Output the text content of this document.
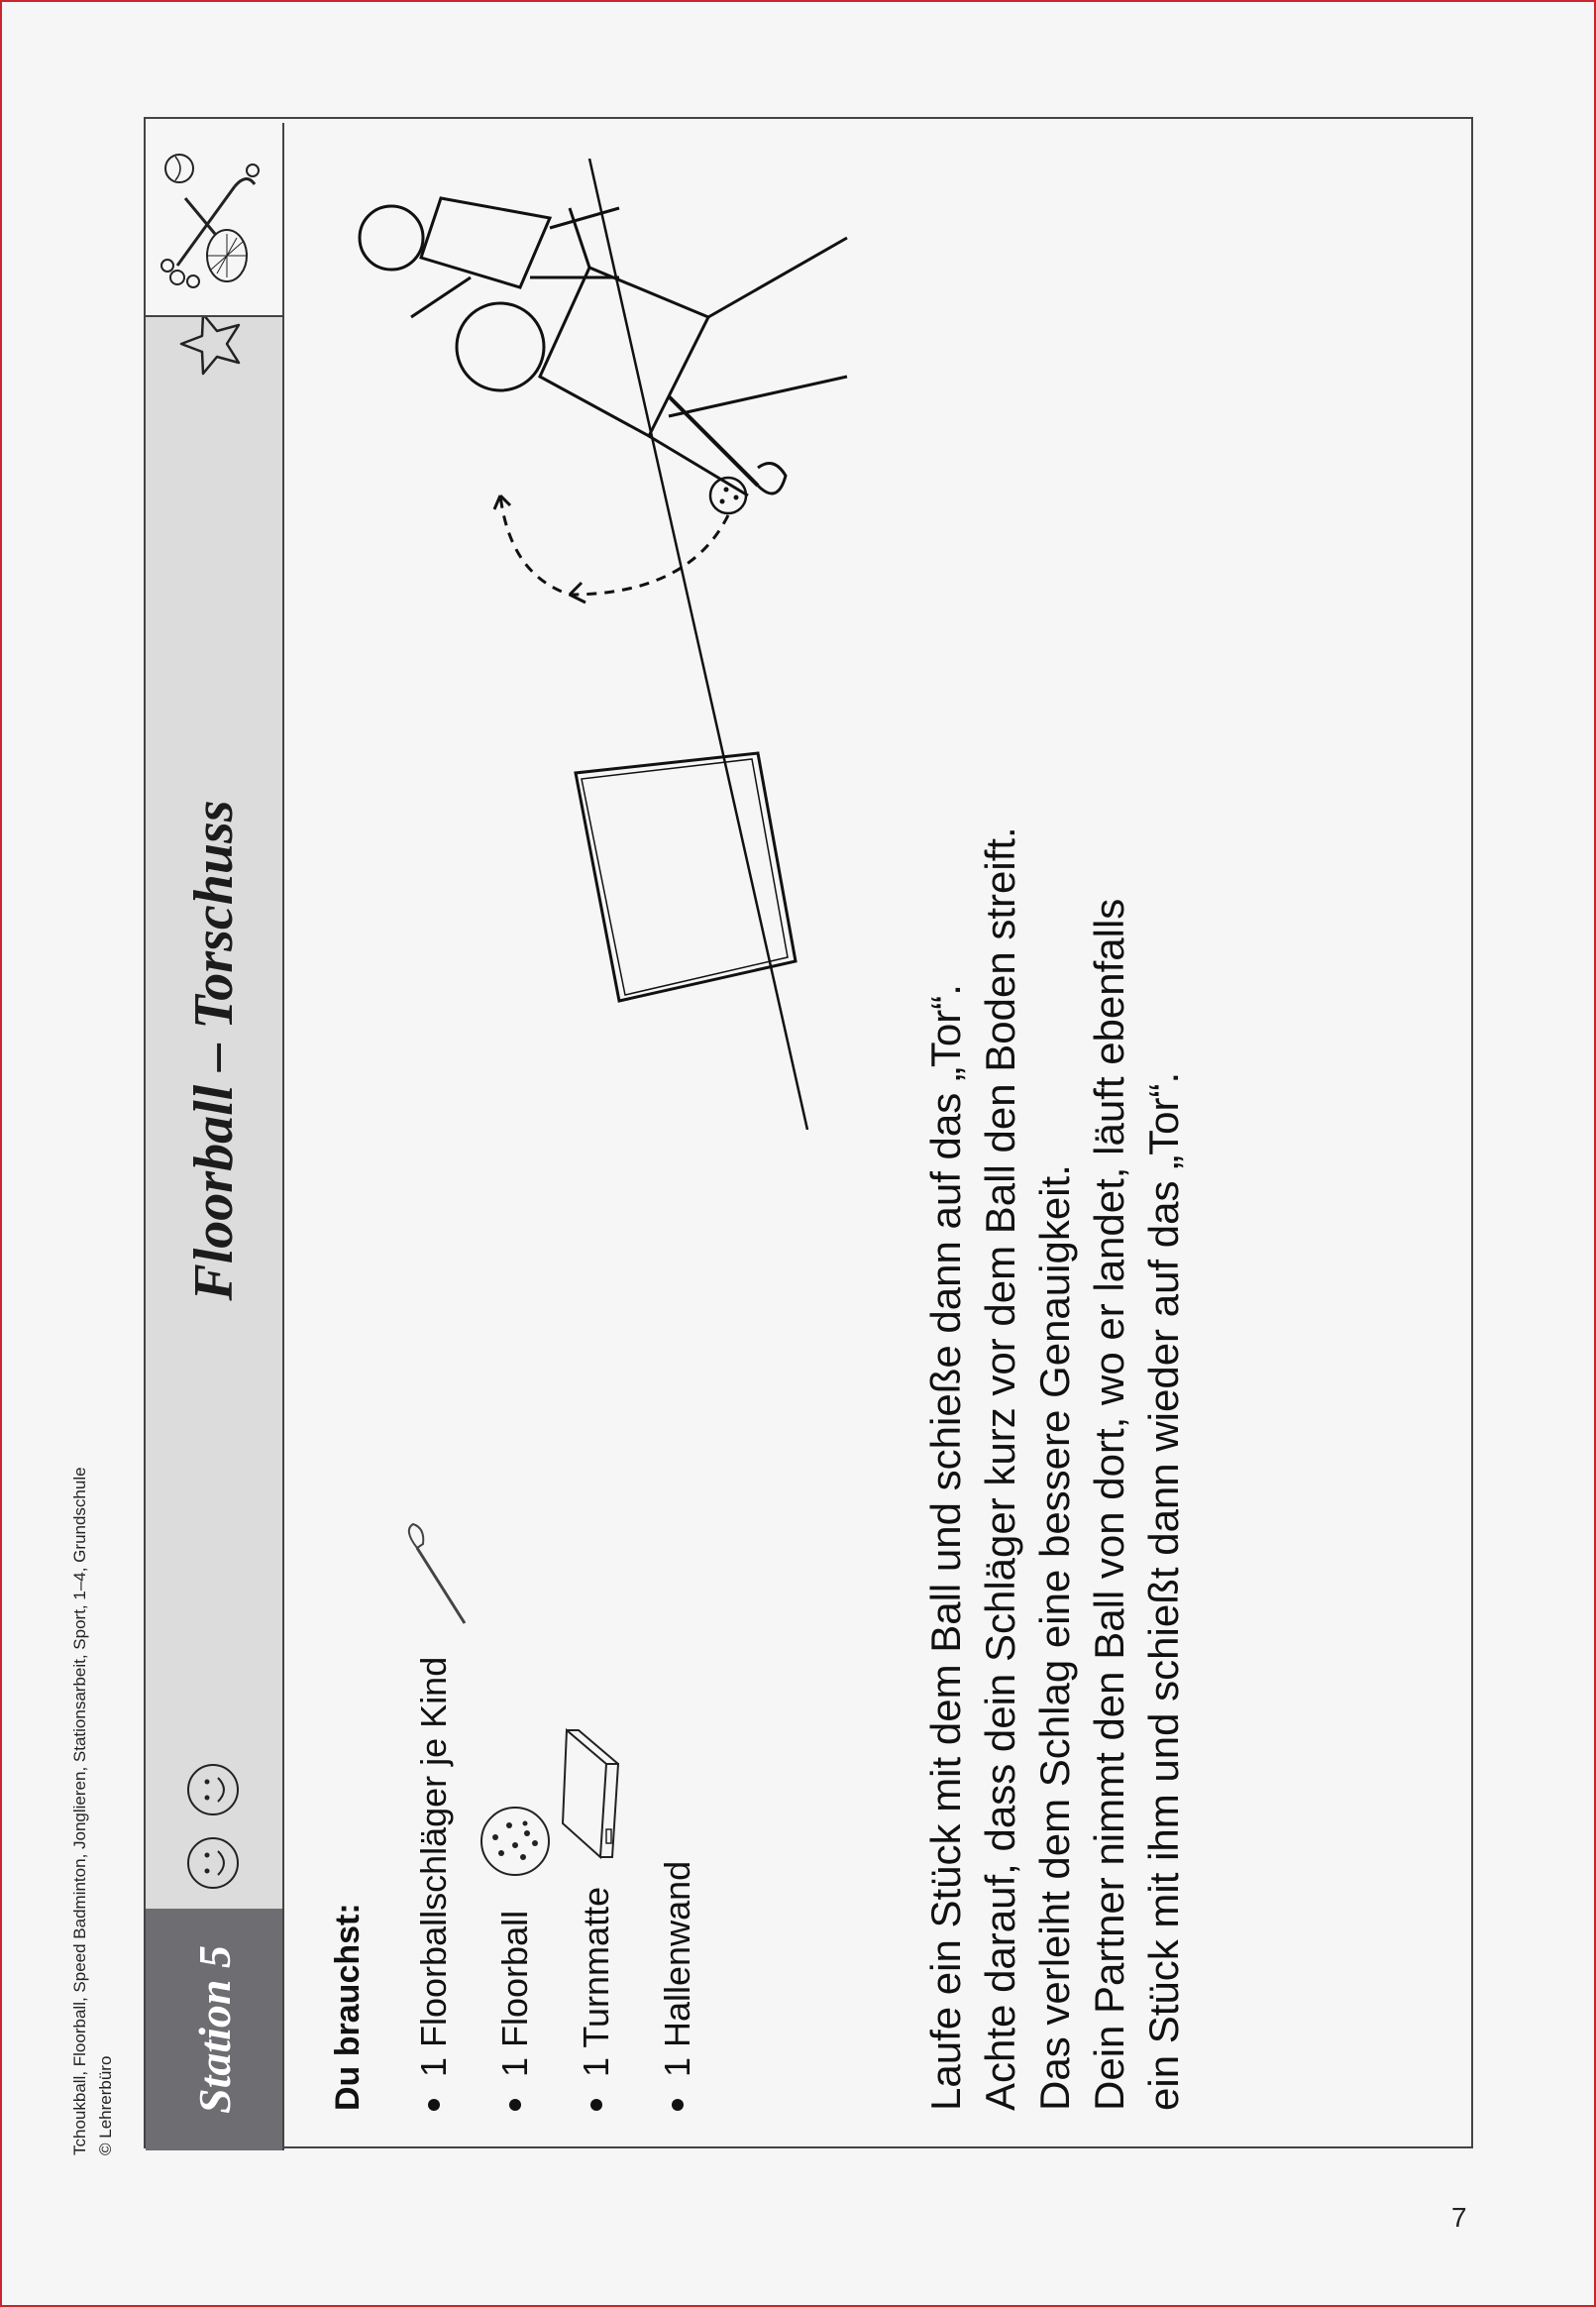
Tchoukball, Floorball, Speed Badminton, Jonglieren, Stationsarbeit, Sport, 1–4, Grundschule © Lehrerbüro
7
Station 5
Floorball – Torschuss
Du brauchst:	1 Floorballschläger je Kind	1 Floorball	1 Turnmatte	1 Hallenwand	Laufe ein Stück mit dem Ball und schieße dann auf das „Tor“. Achte darauf, dass dein Schläger kurz vor dem Ball den Boden streift. Das verleiht dem Schlag eine bessere Genauigkeit. Dein Partner nimmt den Ball von dort, wo er landet, läuft ebenfalls ein Stück mit ihm und schießt dann wieder auf das „Tor“.
